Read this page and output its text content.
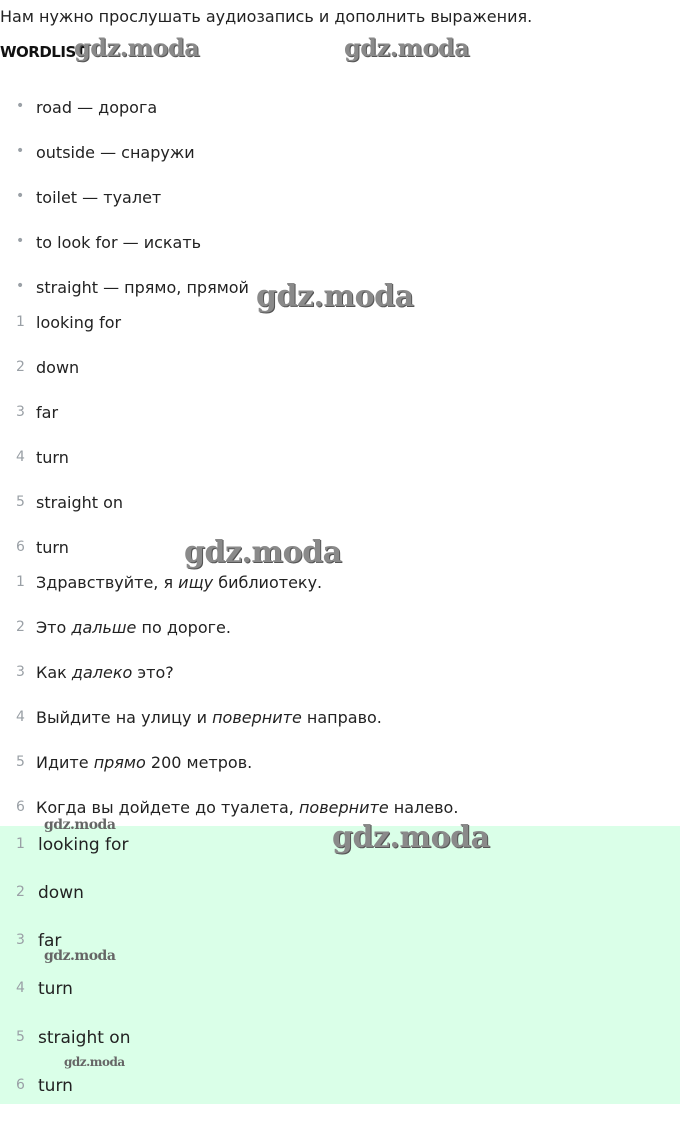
Нам нужно прослушать аудиозапись и дополнить выражения.
WORDLIST
• road — дорога
• outside — снаружи
• toilet — туалет
• to look for — искать
• straight — прямо, прямой
1 looking for
2 down
3 far
4 turn
5 straight on
6 turn
1 Здравствуйте, я ищу библиотеку.
2 Это дальше по дороге.
3 Как далеко это?
4 Выйдите на улицу и поверните направо.
5 Идите прямо 200 метров.
6 Когда вы дойдете до туалета, поверните налево.
1 looking for
2 down
3 far
4 turn
5 straight on
6 turn
gdz.moda	gdz.moda
gdz.moda
gdz.moda
gdz.moda	gdz.moda
gdz.moda
gdz.moda
